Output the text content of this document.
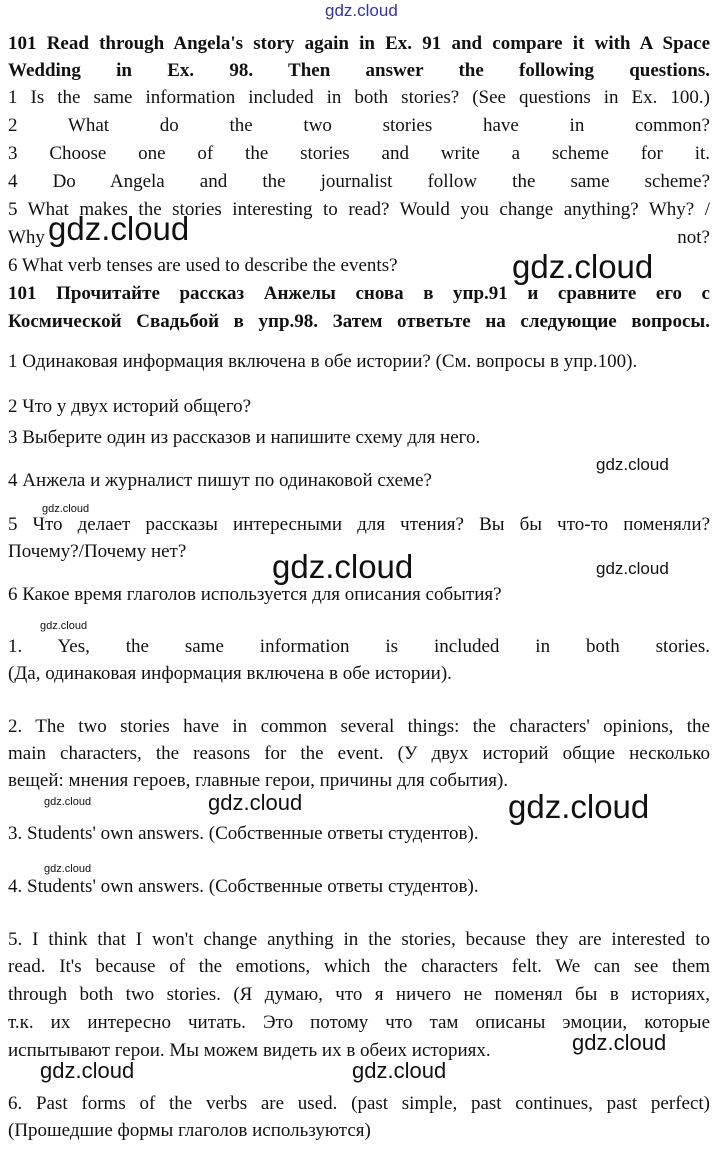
gdz.cloud
101 Read through Angela's story again in Ex. 91 and compare it with A Space
Wedding in Ex. 98. Then answer the following questions.
1 Is the same information included in both stories? (See questions in Ex. 100.)
2 What do the two stories have in common?
3 Choose one of the stories and write a scheme for it.
4 Do Angela and the journalist follow the same scheme?
5 What makes the stories interesting to read? Would you change anything? Why? /
Why	not?
6 What verb tenses are used to describe the events?
101 Прочитайте рассказ Анжелы снова в упр.91 и сравните его с
Космической Свадьбой в упр.98. Затем ответьте на следующие вопросы.
1 Одинаковая информация включена в обе истории? (См. вопросы в упр.100).
2 Что у двух историй общего?
3 Выберите один из рассказов и напишите схему для него.
4 Анжела и журналист пишут по одинаковой схеме?
5 Что делает рассказы интересными для чтения? Вы бы что-то поменяли?
Почему?/Почему нет?
6 Какое время глаголов используется для описания события?
1. Yes, the same information is included in both stories.
(Да, одинаковая информация включена в обе истории).
2. The two stories have in common several things: the characters' opinions, the
main characters, the reasons for the event. (У двух историй общие несколько
вещей: мнения героев, главные герои, причины для события).
3. Students' own answers. (Собственные ответы студентов).
4. Students' own answers. (Собственные ответы студентов).
5. I think that I won't change anything in the stories, because they are interested to
read. It's because of the emotions, which the characters felt. We can see them
through both two stories. (Я думаю, что я ничего не поменял бы в историях,
т.к. их интересно читать. Это потому что там описаны эмоции, которые
испытывают герои. Мы можем видеть их в обеих историях.
6. Past forms of the verbs are used. (past simple, past continues, past perfect)
(Прошедшие формы глаголов используются)
gdz.cloud
gdz.cloud
gdz.cloud
gdz.cloud
gdz.cloud	gdz.cloud
gdz.cloud
gdz.cloud	gdz.cloud	gdz.cloud
gdz.cloud
gdz.cloud
gdz.cloud	gdz.cloud
